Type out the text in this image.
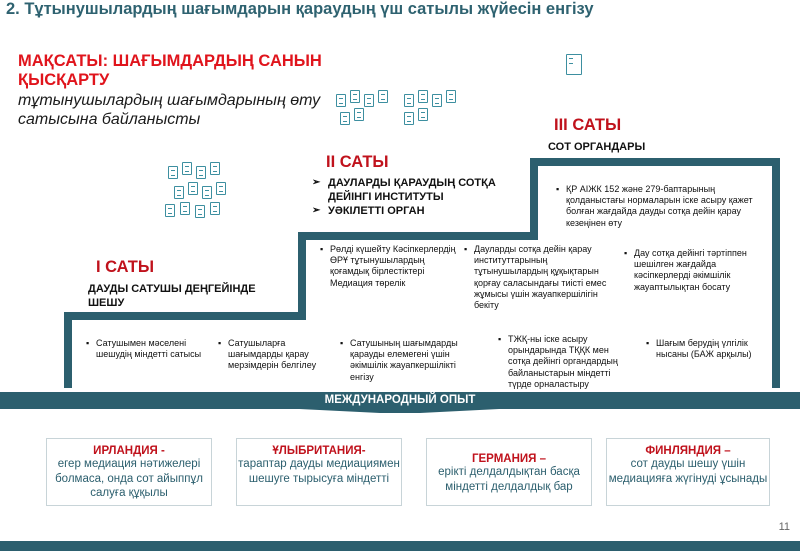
2. Тұтынушылардың шағымдарын қараудың үш сатылы жүйесін енгізу
МАҚСАТЫ: ШАҒЫМДАРДЫҢ САНЫН ҚЫСҚАРТУ
тұтынушылардың шағымдарының өту сатысына байланысты	III САТЫ
СОТ ОРГАНДАРЫ
▪ ҚР АІЖК 152 және 279-баптарының қолданыстағы нормаларын іске асыру қажет болған жағдайда дауды сотқа дейін қарау кезеңінен өту
II САТЫ
➢ ДАУЛАРДЫ ҚАРАУДЫҢ СОТҚА ДЕЙІНГІ ИНСТИТУТЫ
➢ УӘКІЛЕТТІ ОРГАН
▪ Рөлді күшейту Кәсіпкерлердің ӨРҰ тұтынушылардың қоғамдық бірлестіктері Медиация төрелік
▪ Дауларды сотқа дейін қарау институттарының тұтынушылардың құқықтарын қорғау саласындағы тиісті емес жұмысы үшін жауапкершілігін бекіту
▪ Дау сотқа дейінгі тәртіппен шешілген жағдайда кәсіпкерлерді әкімшілік жауаптылықтан босату
I САТЫ
ДАУДЫ САТУШЫ ДЕҢГЕЙІНДЕ ШЕШУ
▪ Сатушымен мәселені шешудің міндетті сатысы
▪ Сатушыларға шағымдарды қарау мерзімдерін белгілеу
▪ Сатушының шағымдарды қарауды елемегені үшін әкімшілік жауапкершілікті енгізу
▪ ТЖҚ-ны іске асыру орындарында ТҚҚК мен сотқа дейінгі органдардың байланыстарын міндетті түрде орналастыру
▪ Шағым берудің үлгілік нысаны (БАЖ арқылы)
МЕЖДУНАРОДНЫЙ ОПЫТ
ИРЛАНДИЯ -
егер медиация нәтижелері болмаса, онда сот айыппұл салуға құқылы
ҰЛЫБРИТАНИЯ-
тараптар дауды медиациямен шешуге тырысуға міндетті
ГЕРМАНИЯ –
ерікті делдалдықтан басқа міндетті делдалдық бар
ФИНЛЯНДИЯ –
сот дауды шешу үшін медиацияға жүгінуді ұсынады
11
